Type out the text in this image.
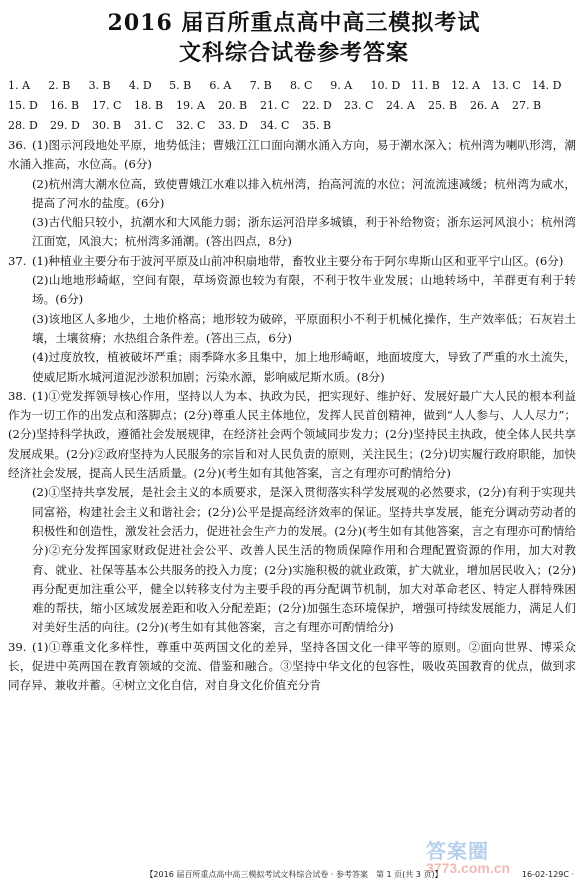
2016 届百所重点高中高三模拟考试
文科综合试卷参考答案
1. A	2. B	3. B	4. D	5. B	6. A	7. B	8. C	9. A	10. D 11. B	12. A	13. C 14. D
15. D	16. B	17. C	18. B	19. A	20. B	21. C	22. D	23. C	24. A	25. B	26. A	27. B
28. D	29. D	30. B	31. C	32. C	33. D	34. C	35. B

36. (1)图示河段地处平原，地势低洼；曹娥江江口面向潮水涌入方向，易于潮水深入；杭州湾为喇叭形湾，潮水涌入推高，水位高。(6分)

(2)杭州湾大潮水位高，致使曹娥江水难以排入杭州湾，抬高河流的水位；河流流速减缓；杭州湾为咸水，提高了河水的盐度。(6分)

(3)古代船只较小，抗潮水和大风能力弱；浙东运河沿岸多城镇，利于补给物资；浙东运河风浪小；杭州湾江面宽，风浪大；杭州湾多涌潮。(答出四点，8分)

37. (1)种植业主要分布于波河平原及山前冲积扇地带，畜牧业主要分布于阿尔卑斯山区和亚平宁山区。(6分)

(2)山地地形崎岖，空间有限，草场资源也较为有限，不利于牧牛业发展；山地转场中，羊群更有利于转场。(6分)

(3)该地区人多地少，土地价格高；地形较为破碎，平原面积小不利于机械化操作，生产效率低；石灰岩土壤，土壤贫瘠；水热组合条件差。(答出三点，6分)

(4)过度放牧，植被破坏严重；雨季降水多且集中，加上地形崎岖，地面坡度大，导致了严重的水土流失，使威尼斯水城河道泥沙淤积加剧；污染水源，影响威尼斯水质。(8分)

38. (1)①党发挥领导核心作用，坚持以人为本、执政为民，把实现好、维护好、发展好最广大人民的根本利益作为一切工作的出发点和落脚点；(2分)尊重人民主体地位，发挥人民首创精神，做到“人人参与、人人尽力”；(2分)坚持科学执政，遵循社会发展规律，在经济社会两个领域同步发力；(2分)坚持民主执政，使全体人民共享发展成果。(2分)②政府坚持为人民服务的宗旨和对人民负责的原则，关注民生；(2分)切实履行政府职能，加快经济社会发展，提高人民生活质量。(2分)(考生如有其他答案，言之有理亦可酌情给分)

(2)①坚持共享发展，是社会主义的本质要求，是深入贯彻落实科学发展观的必然要求，(2分)有利于实现共同富裕，构建社会主义和谐社会；(2分)公平是提高经济效率的保证。坚持共享发展，能充分调动劳动者的积极性和创造性，激发社会活力，促进社会生产力的发展。(2分)(考生如有其他答案，言之有理亦可酌情给分)②充分发挥国家财政促进社会公平、改善人民生活的物质保障作用和合理配置资源的作用，加大对教育、就业、社保等基本公共服务的投入力度；(2分)实施积极的就业政策，扩大就业，增加居民收入；(2分)再分配更加注重公平，健全以转移支付为主要手段的再分配调节机制，加大对革命老区、特定人群特殊困难的帮扶，缩小区域发展差距和收入分配差距；(2分)加强生态环境保护，增强可持续发展能力，满足人们对美好生活的向往。(2分)(考生如有其他答案，言之有理亦可酌情给分)

39. (1)①尊重文化多样性，尊重中英两国文化的差异，坚持各国文化一律平等的原则。②面向世界、博采众长，促进中英两国在教育领域的交流、借鉴和融合。③坚持中华文化的包容性，吸收英国教育的优点，做到求同存异、兼收并蓄。④树立文化自信，对自身文化价值充分肯

答案圈
3773.com.cn
【2016 届百所重点高中高三模拟考试文科综合试卷 · 参考答案　第 1 页(共 3 页)】	16-02-129C ·
